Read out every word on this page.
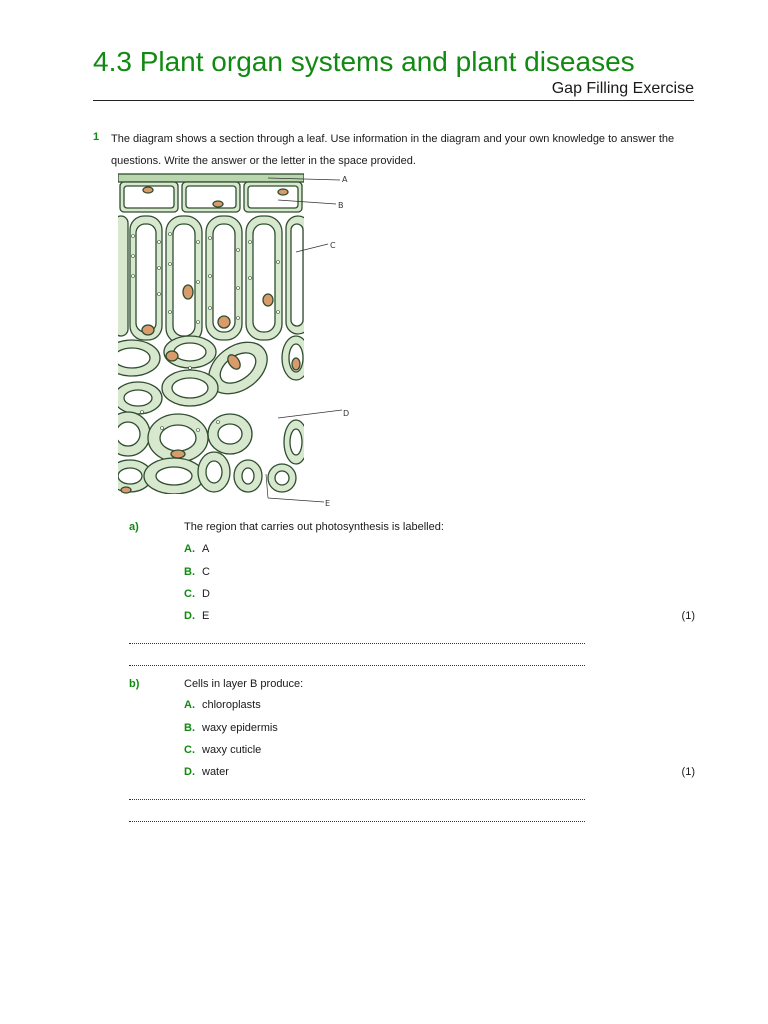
4.3 Plant organ systems and plant diseases
Gap Filling Exercise
1 The diagram shows a section through a leaf. Use information in the diagram and your own knowledge to answer the questions. Write the answer or the letter in the space provided.
A
B
C
D
E
a)	The region that carries out photosynthesis is labelled:
A. A
B. C
C. D
D. E	(1)
b)	Cells in layer B produce:
A. chloroplasts
B. waxy epidermis
C. waxy cuticle
D. water	(1)
